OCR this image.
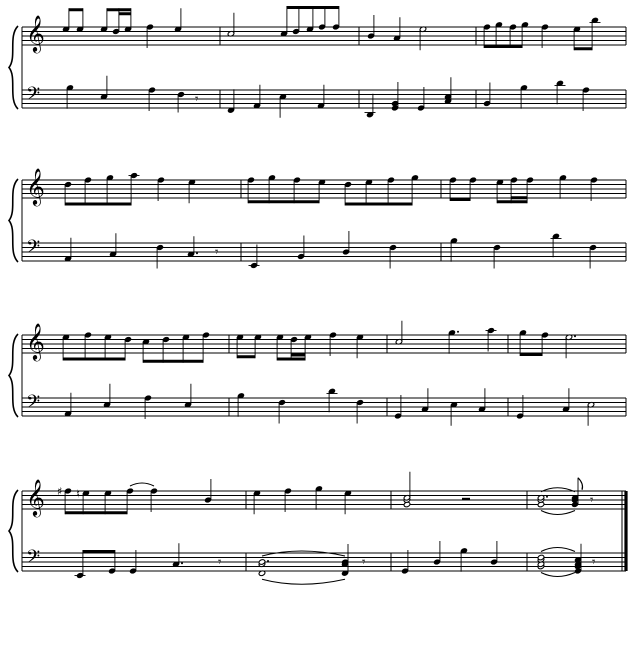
𝄞
𝄢
𝄞
𝄢
𝄞
𝄢
𝄞
𝄢
𝄾
𝄾
♯ ♮	𝄾
𝄾	𝄾	𝄾
